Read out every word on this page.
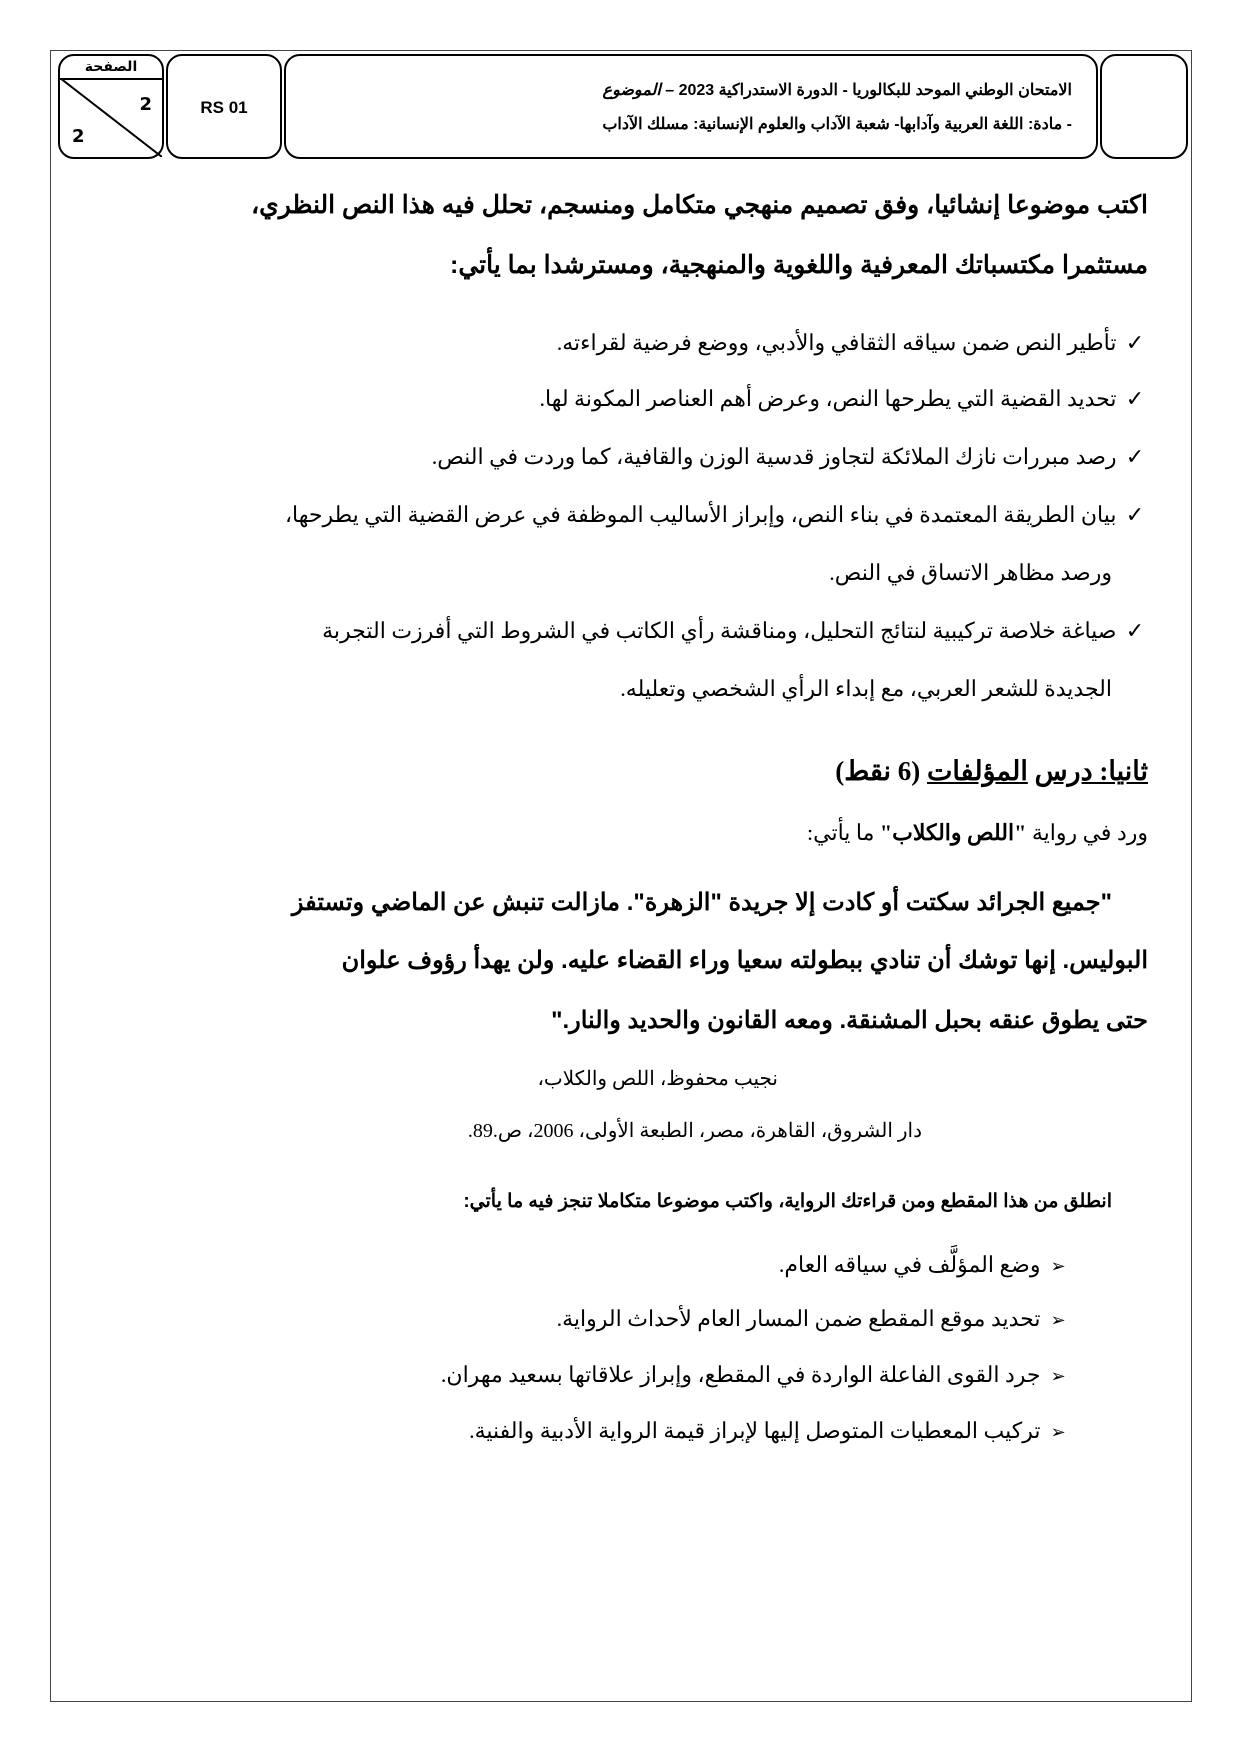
الصفحة
2
2
RS 01
الامتحان الوطني الموحد للبكالوريا - الدورة الاستدراكية 2023 – الموضوع
- مادة: اللغة العربية وآدابها- شعبة الآداب والعلوم الإنسانية: مسلك الآداب
اكتب موضوعا إنشائيا، وفق تصميم منهجي متكامل ومنسجم، تحلل فيه هذا النص النظري،
مستثمرا مكتسباتك المعرفية واللغوية والمنهجية، ومسترشدا بما يأتي:
✓ تأطير النص ضمن سياقه الثقافي والأدبي، ووضع فرضية لقراءته.
✓ تحديد القضية التي يطرحها النص، وعرض أهم العناصر المكونة لها.
✓ رصد مبررات نازك الملائكة لتجاوز قدسية الوزن والقافية، كما وردت في النص.
✓ بيان الطريقة المعتمدة في بناء النص، وإبراز الأساليب الموظفة في عرض القضية التي يطرحها،
ورصد مظاهر الاتساق في النص.
✓ صياغة خلاصة تركيبية لنتائج التحليل، ومناقشة رأي الكاتب في الشروط التي أفرزت التجربة
الجديدة للشعر العربي، مع إبداء الرأي الشخصي وتعليله.
ثانيا: درس المؤلفات (6 نقط)
ورد في رواية "اللص والكلاب" ما يأتي:
"جميع الجرائد سكتت أو كادت إلا جريدة "الزهرة". مازالت تنبش عن الماضي وتستفز
البوليس. إنها توشك أن تنادي ببطولته سعيا وراء القضاء عليه. ولن يهدأ رؤوف علوان
حتى يطوق عنقه بحبل المشنقة. ومعه القانون والحديد والنار."
نجيب محفوظ، اللص والكلاب،
دار الشروق، القاهرة، مصر، الطبعة الأولى، 2006، ص.89.
انطلق من هذا المقطع ومن قراءتك الرواية، واكتب موضوعا متكاملا تنجز فيه ما يأتي:
➢ وضع المؤلَّف في سياقه العام.
➢ تحديد موقع المقطع ضمن المسار العام لأحداث الرواية.
➢ جرد القوى الفاعلة الواردة في المقطع، وإبراز علاقاتها بسعيد مهران.
➢ تركيب المعطيات المتوصل إليها لإبراز قيمة الرواية الأدبية والفنية.
